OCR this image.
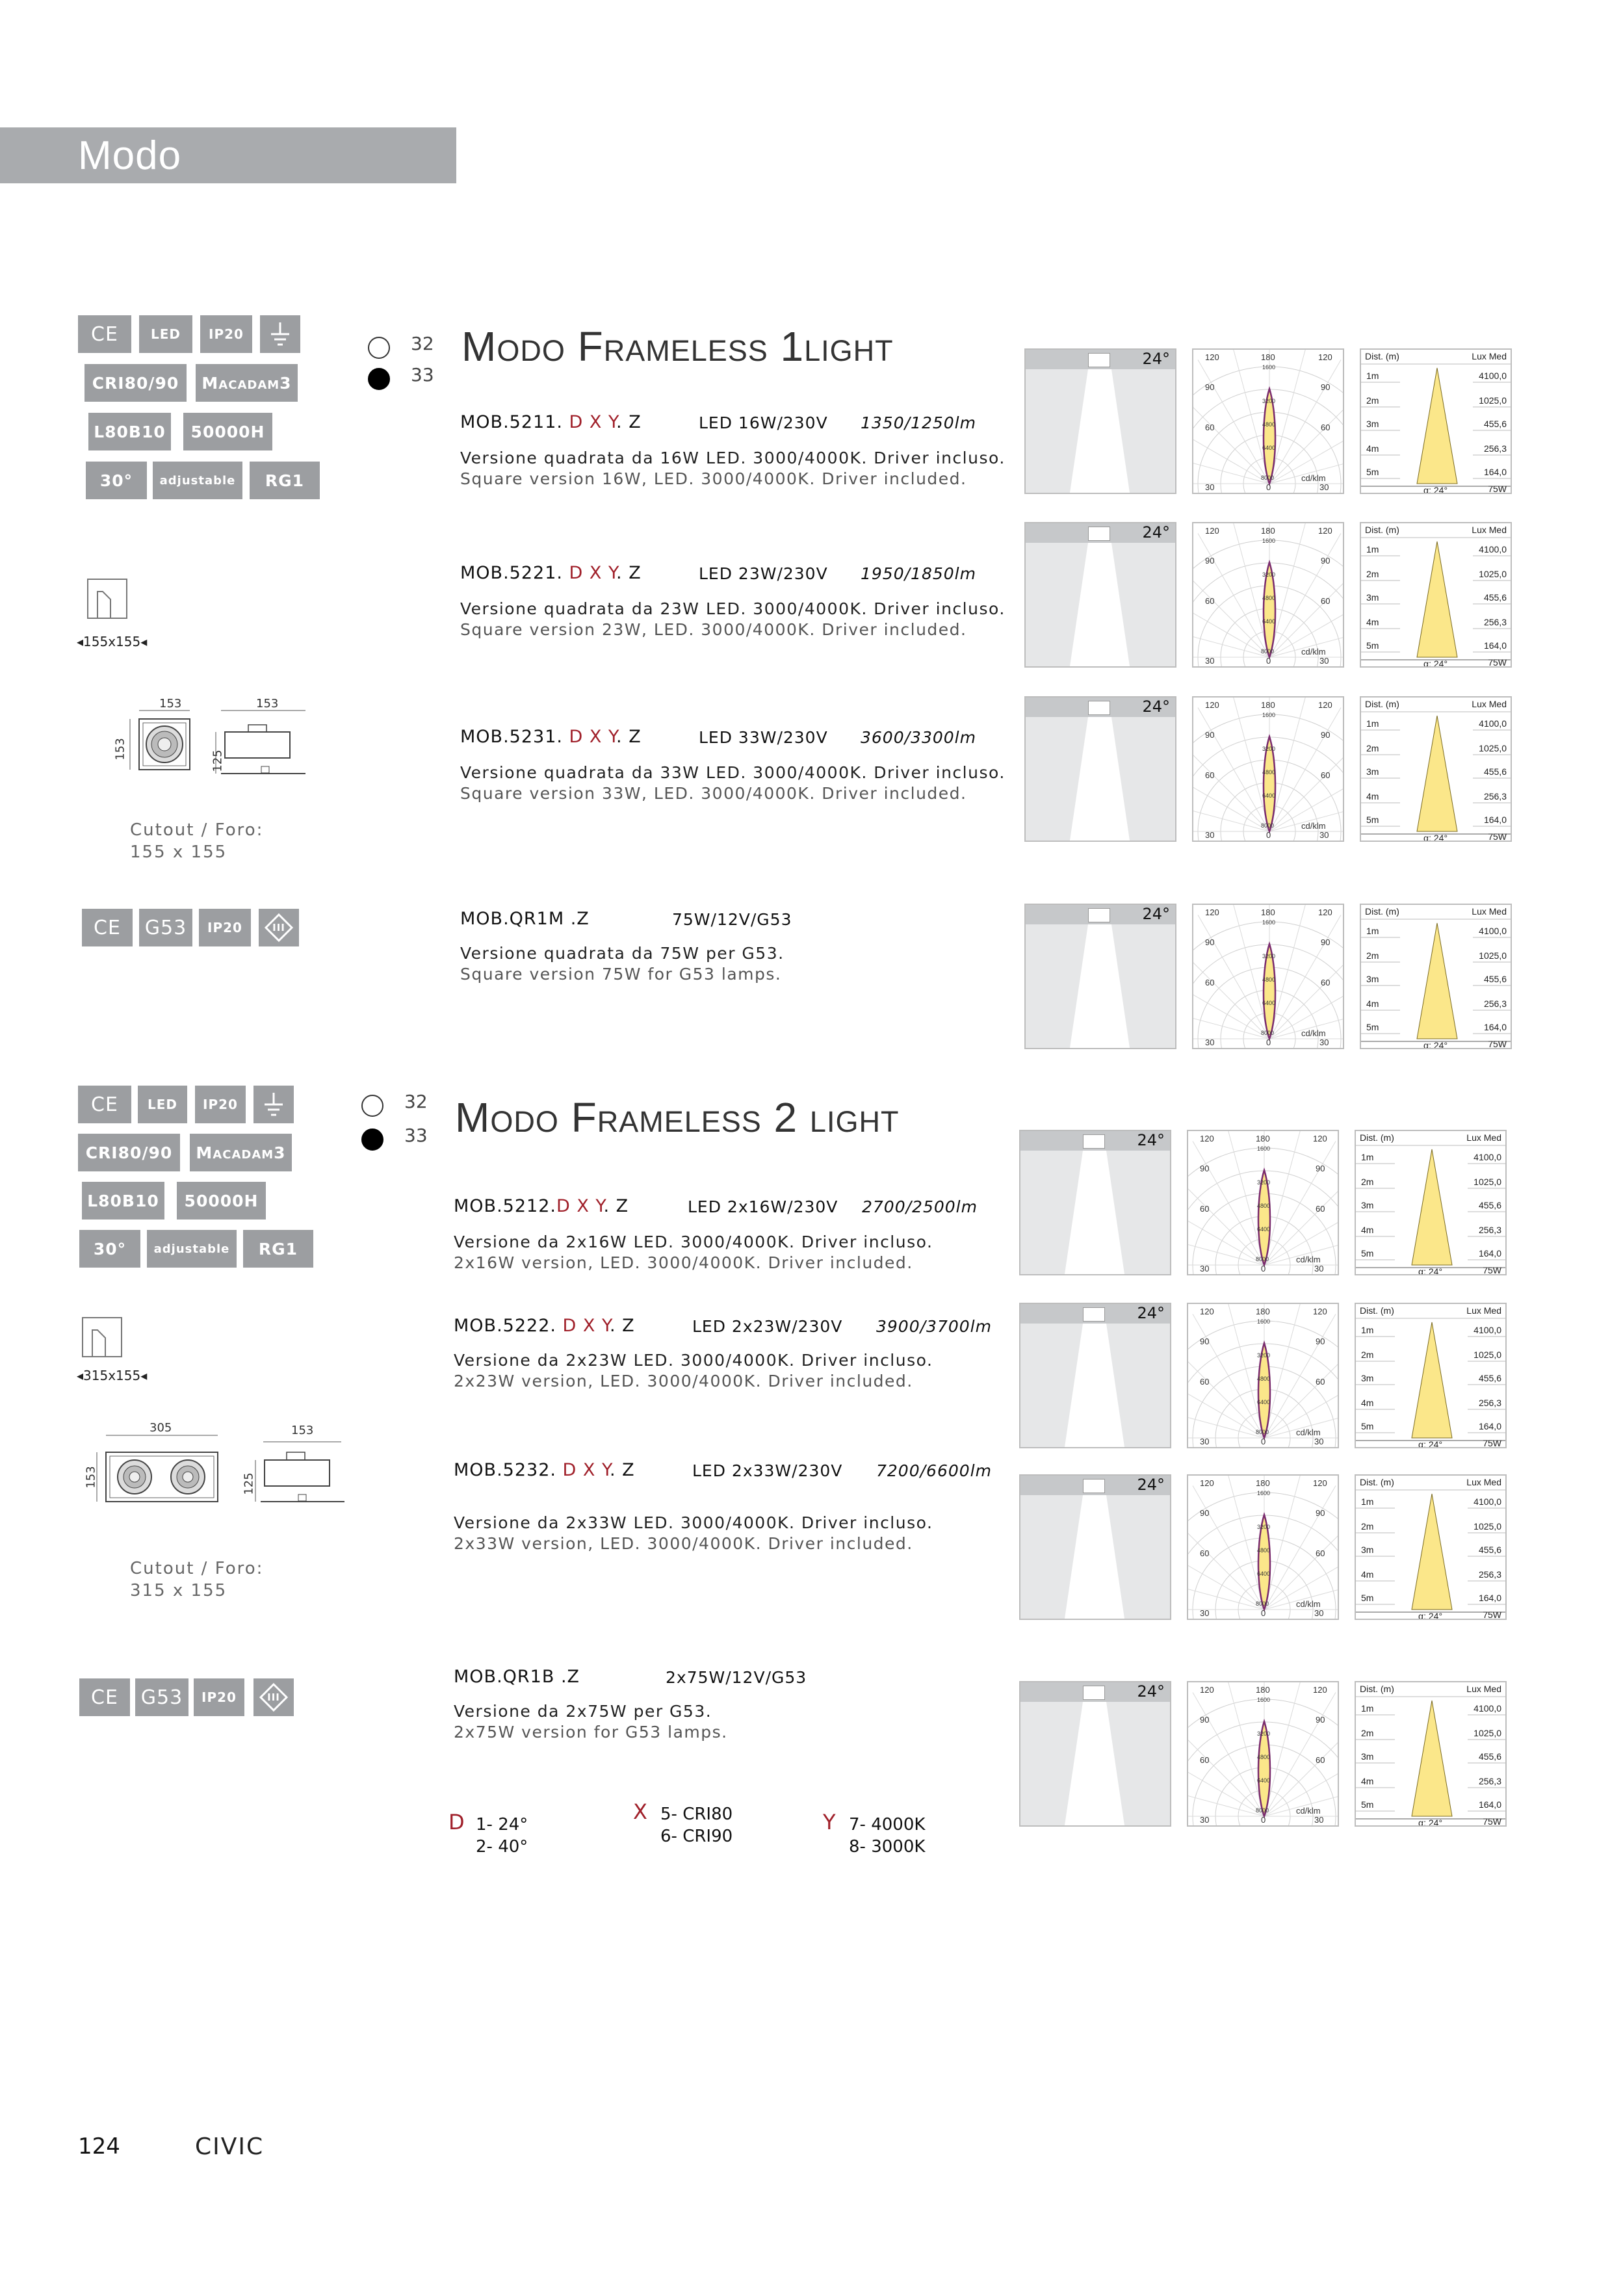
Modo
CE	LED	IP20
CRI80/90	Macadam3
L80B10	50000H
30°	adjustable	RG1
◂155x155◂
153	153
153
125
Cutout / Foro:
155 x 155
CE	G53	IP20	III
32
33
Modo Frameless 1light
MOB.5211. D X Y. Z	LED 16W/230V 1350/1250lm
Versione quadrata da 16W LED. 3000/4000K. Driver incluso.
Square version 16W, LED. 3000/4000K. Driver included.
MOB.5221. D X Y. Z	LED 23W/230V 1950/1850lm
Versione quadrata da 23W LED. 3000/4000K. Driver incluso.
Square version 23W, LED. 3000/4000K. Driver included.
MOB.5231. D X Y. Z	LED 33W/230V 3600/3300lm
Versione quadrata da 33W LED. 3000/4000K. Driver incluso.
Square version 33W, LED. 3000/4000K. Driver included.
MOB.QR1M .Z	75W/12V/G53
Versione quadrata da 75W per G53.
Square version 75W for G53 lamps.
CE	LED	IP20
CRI80/90	Macadam3
L80B10	50000H
30°	adjustable	RG1
◂315x155◂
305	153
153	125
Cutout / Foro:
315 x 155
CE	G53	IP20	III
32
33 Modo Frameless 2 light
MOB.5212.D X Y. Z	LED 2x16W/230V 2700/2500lm
Versione da 2x16W LED. 3000/4000K. Driver incluso.
2x16W version, LED. 3000/4000K. Driver included.
MOB.5222. D X Y. Z	LED 2x23W/230V 3900/3700lm
Versione da 2x23W LED. 3000/4000K. Driver incluso.
2x23W version, LED. 3000/4000K. Driver included.
MOB.5232. D X Y. Z	LED 2x33W/230V 7200/6600lm
Versione da 2x33W LED. 3000/4000K. Driver incluso.
2x33W version, LED. 3000/4000K. Driver included.
MOB.QR1B .Z	2x75W/12V/G53
Versione da 2x75W per G53.
2x75W version for G53 lamps.
D 1- 24°
2- 40°
X 5- CRI80
6- CRI90
Y 7- 4000K
8- 3000K
24°	120	180	120
1600
90	90
3200
60	60
4800
6400
8000	cd/klm
30	0	30
Dist. (m)	Lux Med
1m	4100,0
2m	1025,0
3m	455,6
4m	256,3
5m	164,0
α: 24°	75W
24°	120	180	120
1600
90	90
3200
60	60
4800
6400
8000	cd/klm
30	0	30
Dist. (m)	Lux Med
1m	4100,0
2m	1025,0
3m	455,6
4m	256,3
5m	164,0
α: 24°	75W
24°	120	180	120
1600
90	90
3200
60	60
4800
6400
8000	cd/klm
30	0	30
Dist. (m)	Lux Med
1m	4100,0
2m	1025,0
3m	455,6
4m	256,3
5m	164,0
α: 24°	75W
24°	120	180	120
1600
90	90
3200
60	60
4800
6400
8000	cd/klm
30	0	30
Dist. (m)	Lux Med
1m	4100,0
2m	1025,0
3m	455,6
4m	256,3
5m	164,0
α: 24°	75W
24°	120	180	120
1600
90	90
3200
60	60
4800
6400
8000	cd/klm
30	0	30
Dist. (m)	Lux Med
1m	4100,0
2m	1025,0
3m	455,6
4m	256,3
5m	164,0
α: 24°	75W
24°	120	180	120
1600
90	90
3200
60	60
4800
6400
8000	cd/klm
30	0	30
Dist. (m)	Lux Med
1m	4100,0
2m	1025,0
3m	455,6
4m	256,3
5m	164,0
α: 24°	75W
24°	120	180	120
1600
90	90
3200
60	60
4800
6400
8000	cd/klm
30	0	30
Dist. (m)	Lux Med
1m	4100,0
2m	1025,0
3m	455,6
4m	256,3
5m	164,0
α: 24°	75W
24°	120	180	120
1600
90	90
3200
60	60
4800
6400
8000	cd/klm
30	0	30
Dist. (m)	Lux Med
1m	4100,0
2m	1025,0
3m	455,6
4m	256,3
5m	164,0
α: 24°	75W
124	CIVIC
